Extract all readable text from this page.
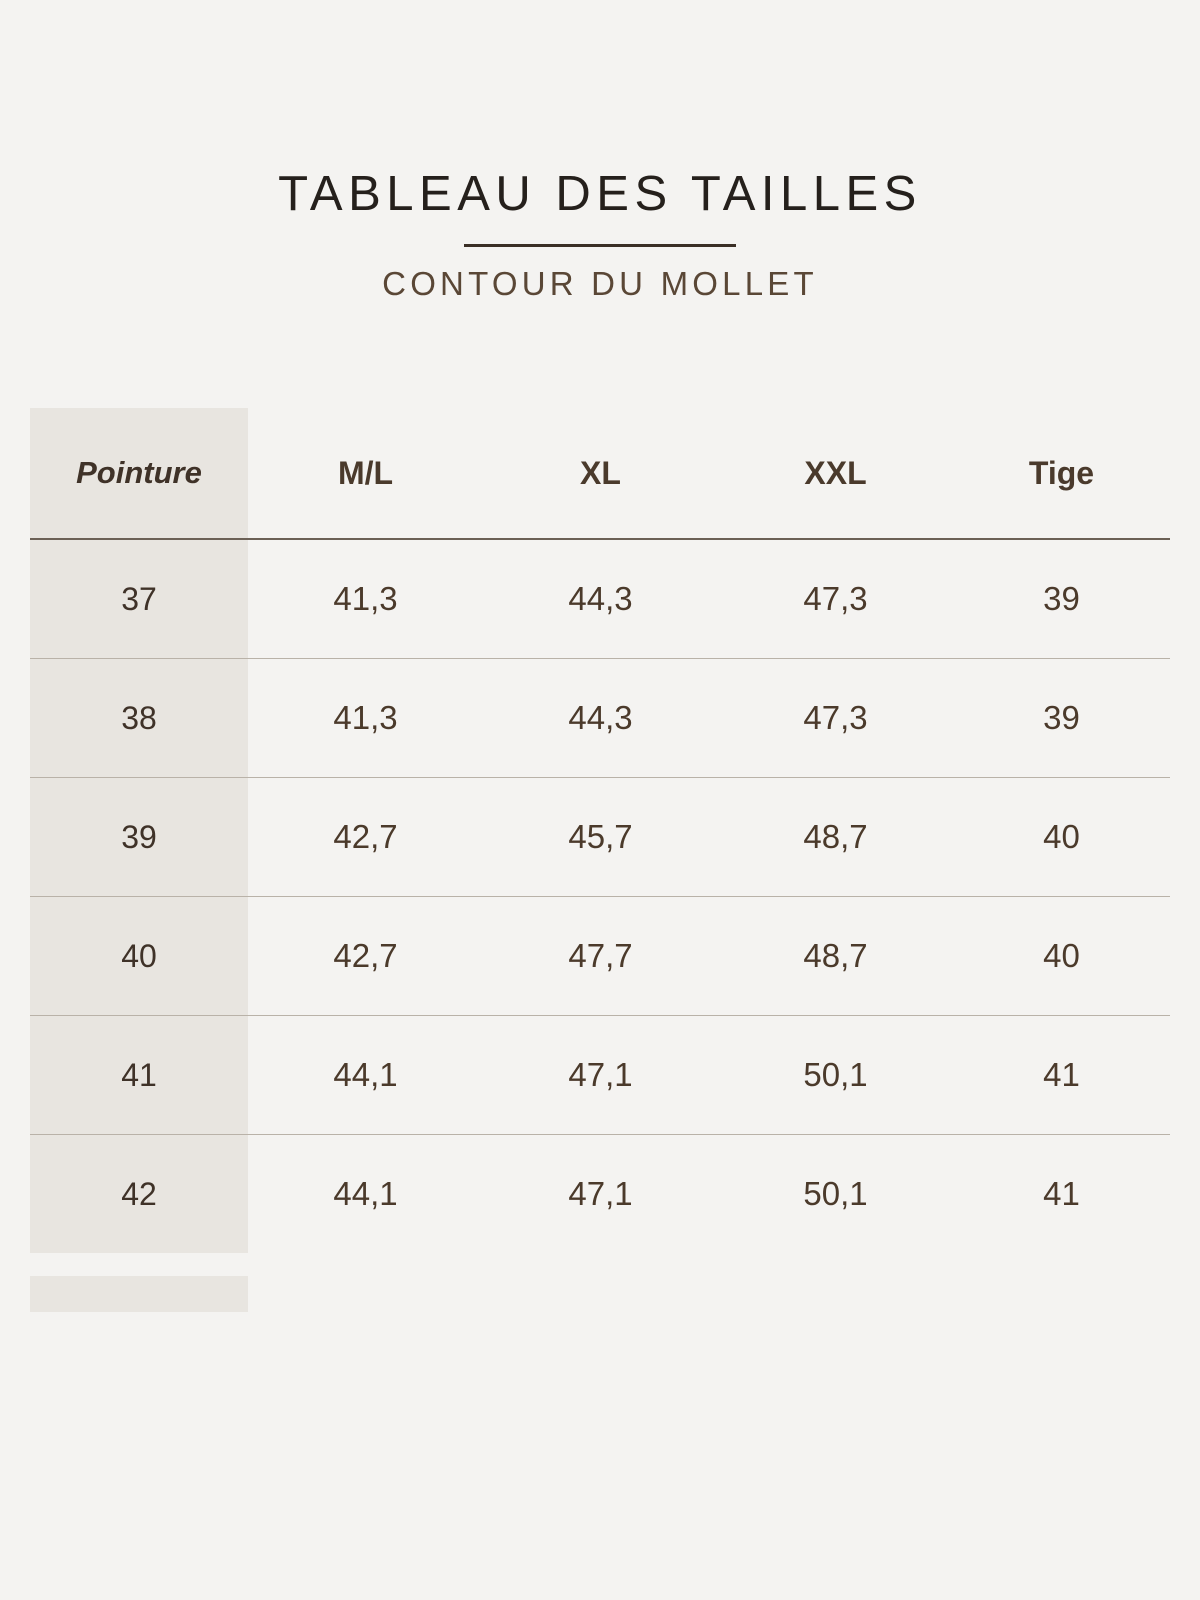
TABLEAU DES TAILLES
CONTOUR DU MOLLET
Pointure	M/L	XL	XXL	Tige
37	41,3	44,3	47,3	39
38	41,3	44,3	47,3	39
39	42,7	45,7	48,7	40
40	42,7	47,7	48,7	40
41	44,1	47,1	50,1	41
42	44,1	47,1	50,1	41
